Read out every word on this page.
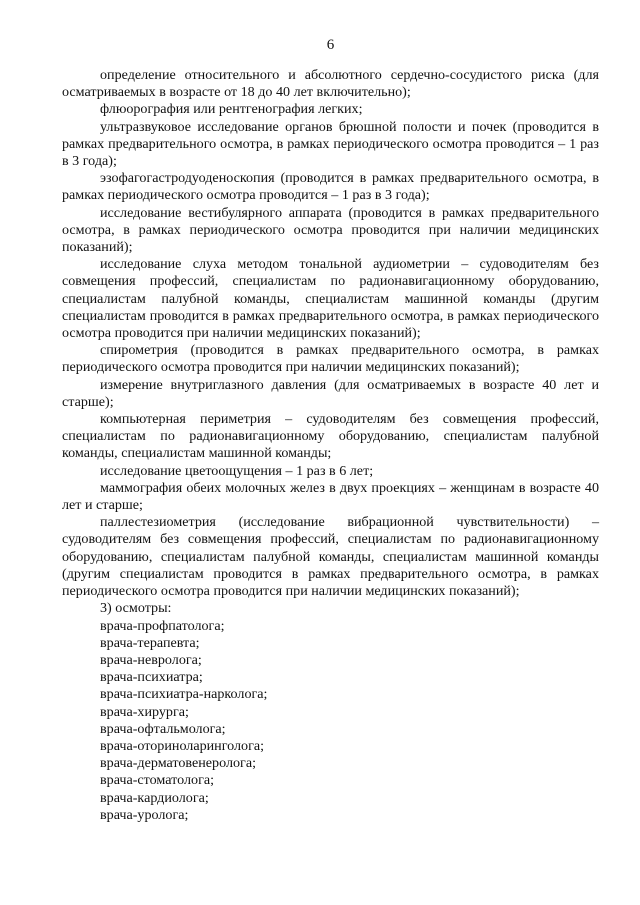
6

определение относительного и абсолютного сердечно-сосудистого риска (для осматриваемых в возрасте от 18 до 40 лет включительно);

флюорография или рентгенография легких;

ультразвуковое исследование органов брюшной полости и почек (проводится в рамках предварительного осмотра, в рамках периодического осмотра проводится – 1 раз в 3 года);

эзофагогастродуоденоскопия (проводится в рамках предварительного осмотра, в рамках периодического осмотра проводится – 1 раз в 3 года);

исследование вестибулярного аппарата (проводится в рамках предварительного осмотра, в рамках периодического осмотра проводится при наличии медицинских показаний);

исследование слуха методом тональной аудиометрии – судоводителям без совмещения профессий, специалистам по радионавигационному оборудованию, специалистам палубной команды, специалистам машинной команды (другим специалистам проводится в рамках предварительного осмотра, в рамках периодического осмотра проводится при наличии медицинских показаний);

спирометрия (проводится в рамках предварительного осмотра, в рамках периодического осмотра проводится при наличии медицинских показаний);

измерение внутриглазного давления (для осматриваемых в возрасте 40 лет и старше);

компьютерная периметрия – судоводителям без совмещения профессий, специалистам по радионавигационному оборудованию, специалистам палубной команды, специалистам машинной команды;

исследование цветоощущения – 1 раз в 6 лет;

маммография обеих молочных желез в двух проекциях – женщинам в возрасте 40 лет и старше;

паллестезиометрия (исследование вибрационной чувствительности) – судоводителям без совмещения профессий, специалистам по радионавигационному оборудованию, специалистам палубной команды, специалистам машинной команды (другим специалистам проводится в рамках предварительного осмотра, в рамках периодического осмотра проводится при наличии медицинских показаний);

3) осмотры:

врача-профпатолога;

врача-терапевта;

врача-невролога;

врача-психиатра;

врача-психиатра-нарколога;

врача-хирурга;

врача-офтальмолога;

врача-оториноларинголога;

врача-дерматовенеролога;

врача-стоматолога;

врача-кардиолога;

врача-уролога;
